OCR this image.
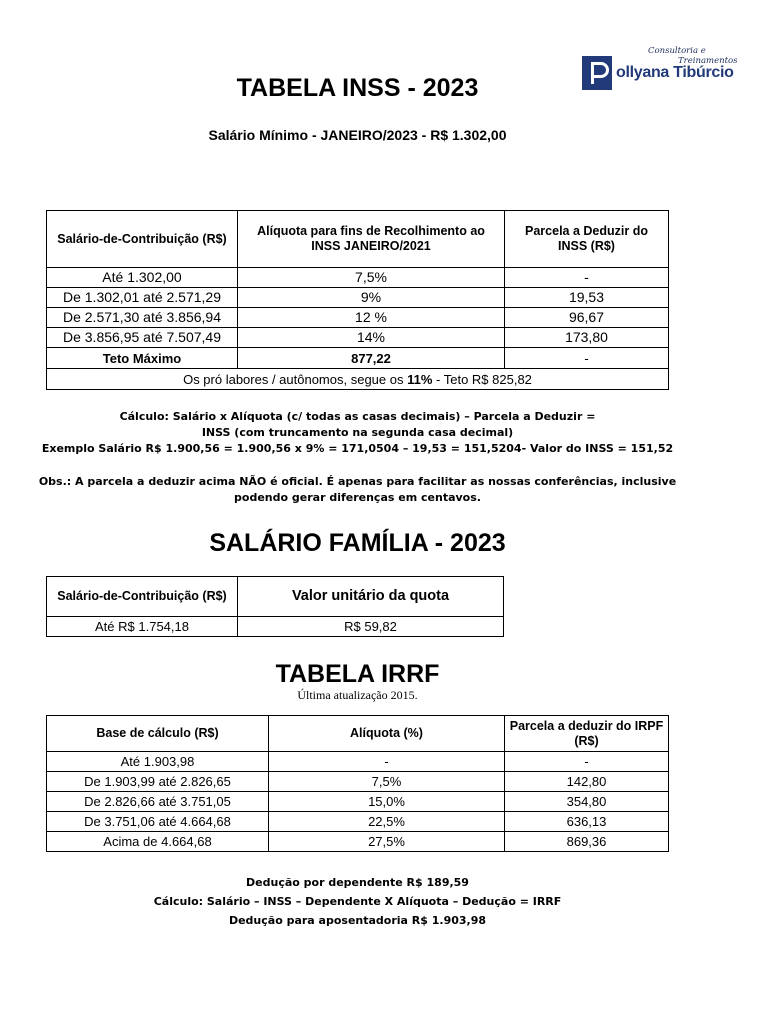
Consultoria e
Treinamentos
ollyana Tibúrcio
TABELA INSS - 2023
Salário Mínimo - JANEIRO/2023 - R$ 1.302,00
Salário-de-Contribuição (R$)	Alíquota para fins de Recolhimento ao INSS JANEIRO/2021	Parcela a Deduzir do INSS (R$)
Até 1.302,00	7,5%	-
De 1.302,01 até 2.571,29	9%	19,53
De 2.571,30 até 3.856,94	12 %	96,67
De 3.856,95 até 7.507,49	14%	173,80
Teto Máximo	877,22	-
Os pró labores / autônomos, segue os 11% - Teto R$ 825,82		
Cálculo: Salário x Alíquota (c/ todas as casas decimais) – Parcela a Deduzir =
INSS (com truncamento na segunda casa decimal)
Exemplo Salário R$ 1.900,56 = 1.900,56 x 9% = 171,0504 – 19,53 = 151,5204- Valor do INSS = 151,52
Obs.: A parcela a deduzir acima NÃO é oficial. É apenas para facilitar as nossas conferências, inclusive
podendo gerar diferenças em centavos.
SALÁRIO FAMÍLIA - 2023
Salário-de-Contribuição (R$)	Valor unitário da quota
Até R$ 1.754,18	R$ 59,82
TABELA IRRF
Última atualização 2015.
Base de cálculo (R$)	Alíquota (%)	Parcela a deduzir do IRPF (R$)
Até 1.903,98	-	-
De 1.903,99 até 2.826,65	7,5%	142,80
De 2.826,66 até 3.751,05	15,0%	354,80
De 3.751,06 até 4.664,68	22,5%	636,13
Acima de 4.664,68	27,5%	869,36
Dedução por dependente R$ 189,59
Cálculo: Salário – INSS – Dependente X Alíquota – Dedução = IRRF
Dedução para aposentadoria R$ 1.903,98
